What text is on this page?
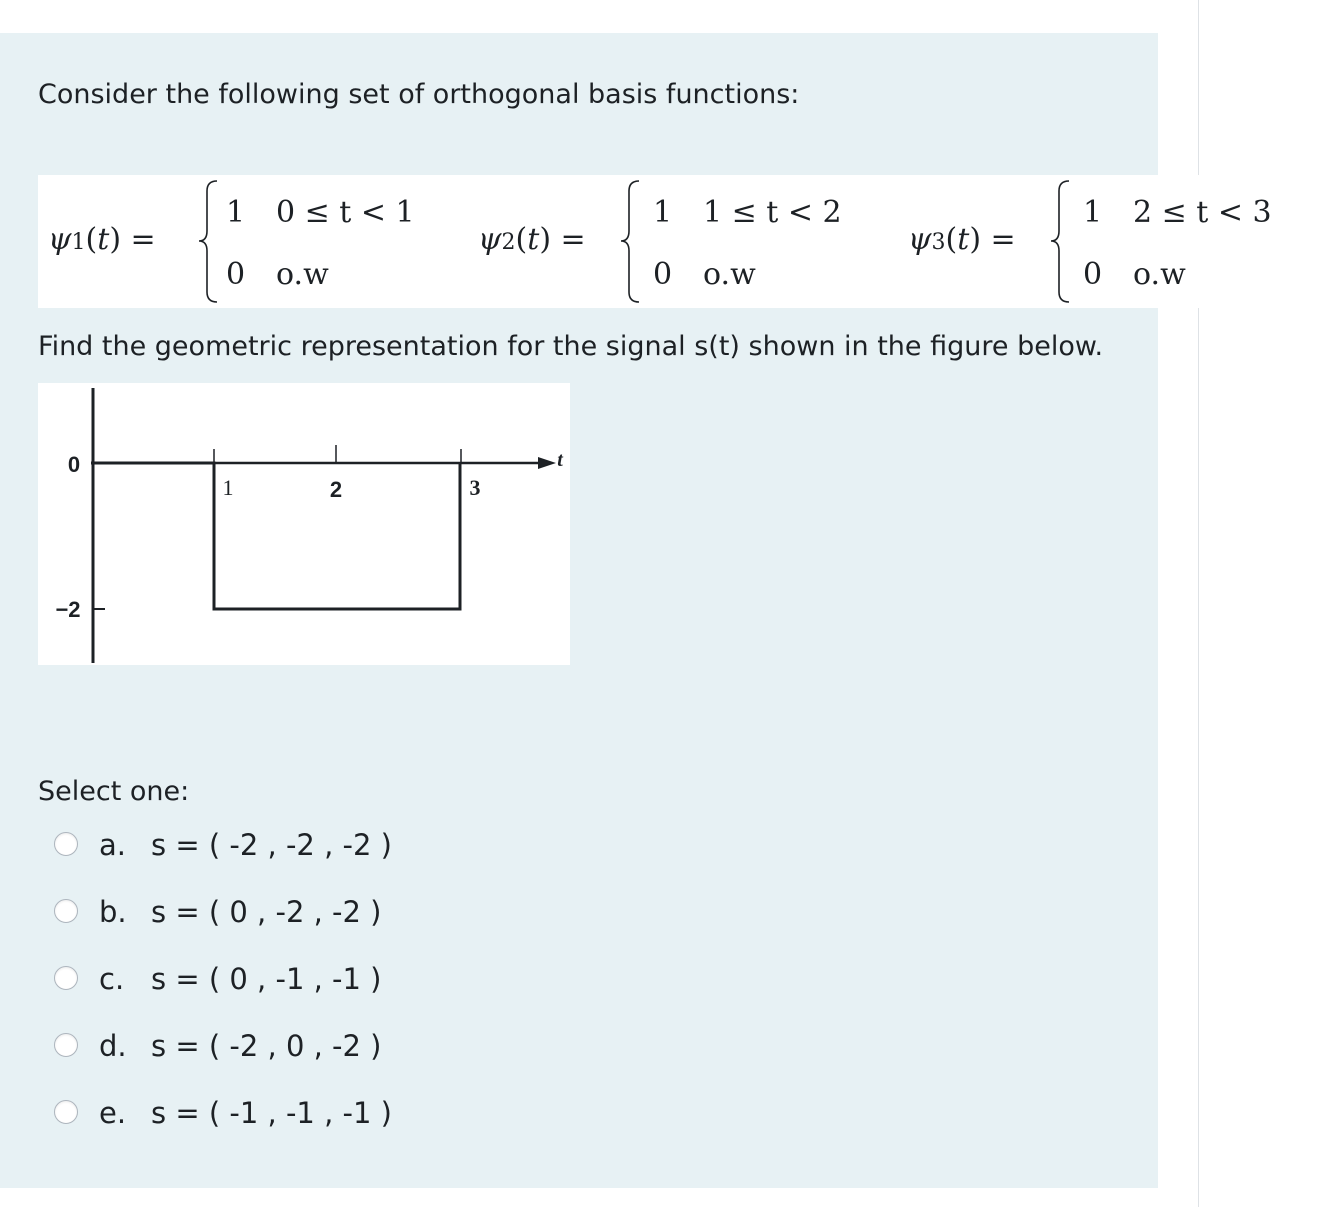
Consider the following set of orthogonal basis functions:
ψ1(t) =
1 0 ≤ t < 1
0 o.w
ψ2(t) =
1 1 ≤ t < 2
0 o.w
ψ3(t) =
1 2 ≤ t < 3
0 o.w
Find the geometric representation for the signal s(t) shown in the figure below.
0
−2
1	2	3
t
Select one:
a. s = ( -2 , -2 , -2 )
b. s = ( 0 , -2 , -2 )
c. s = ( 0 , -1 , -1 )
d. s = ( -2 , 0 , -2 )
e. s = ( -1 , -1 , -1 )
